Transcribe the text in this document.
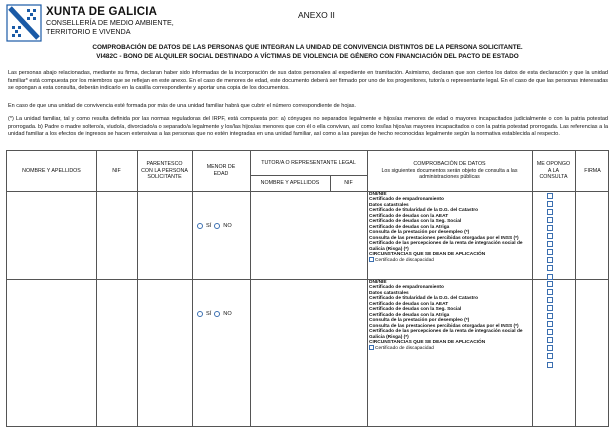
XUNTA DE GALICIA
CONSELLERÍA DE MEDIO AMBIENTE,
TERRITORIO E VIVENDA
ANEXO II
COMPROBACIÓN DE DATOS DE LAS PERSONAS QUE INTEGRAN LA UNIDAD DE CONVIVENCIA DISTINTOS DE LA PERSONA SOLICITANTE.
VI482C - BONO DE ALQUILER SOCIAL DESTINADO A VÍCTIMAS DE VIOLENCIA DE GÉNERO CON FINANCIACIÓN DEL PACTO DE ESTADO
Las personas abajo relacionadas, mediante su firma, declaran haber sido informadas de la incorporación de sus datos personales al expediente en tramitación. Asimismo, declaran que son ciertos los datos de esta declaración y que la unidad familiar* está compuesta por los miembros que se reflejan en este anexo. En el caso de menores de edad, este documento deberá ser firmado por uno de los progenitores, tutor/a o representante legal. En el caso de que las personas interesadas se opongan a esta consulta, deberán indicarlo en la casilla correspondiente y aportar una copia de los documentos.
En caso de que una unidad de convivencia esté formada por más de una unidad familiar habrá que cubrir el número correspondiente de hojas.
(*) La unidad familiar, tal y como resulta definida por las normas reguladoras del IRPF, está compuesta por: a) cónyuges no separados legalmente e hijos/as menores de edad o mayores incapacitados judicialmente o con la patria potestad prorrogada. b) Padre o madre soltero/a, viudo/a, divorciado/a o separado/a legalmente y los/las hijos/as menores que con él o ella convivan, así como los/las hijos/as mayores incapacitados o con la patria potestad prorrogada. Las referencias a la unidad familiar a los efectos de ingresos se hacen extensivas a las personas que no estén integradas en una unidad familiar, así como a las parejas de hecho reconocidas legalmente según la normativa establecida al respecto.
NOMBRE Y APELLIDOS	NIF
PARENTESCO CON LA PERSONA SOLICITANTE
MENOR DE EDAD
TUTOR/A O REPRESENTANTE LEGAL
NOMBRE Y APELLIDOS	NIF
COMPROBACIÓN DE DATOS
Los siguientes documentos serán objeto de consulta a las administraciones públicas
ME OPONGO A LA CONSULTA
FIRMA
SÍ NO
DNI/NIE
Certificado de empadronamiento
Datos catastrales
Certificado de titularidad de la D.G. del Catastro
Certificado de deudas con la AEAT
Certificado de deudas con la Seg. Social
Certificado de deudas con la Atriga
Consulta de la prestación por desempleo (*)
Consulta de las prestaciones percibidas otorgadas por el INSS (*)
Certificado de las percepciones de la renta de integración social de Galicia (Risga) (*)
CIRCUNSTANCIAS QUE SE DEAN DE APLICACIÓN
Certificado de discapacidad
SÍ NO
DNI/NIE
Certificado de empadronamiento
Datos catastrales
Certificado de titularidad de la D.G. del Catastro
Certificado de deudas con la AEAT
Certificado de deudas con la Seg. Social
Certificado de deudas con la Atriga
Consulta de la prestación por desempleo (*)
Consulta de las prestaciones percibidas otorgadas por el INSS (*)
Certificado de las percepciones de la renta de integración social de Galicia (Risga) (*)
CIRCUNSTANCIAS QUE SE DEAN DE APLICACIÓN
Certificado de discapacidad
